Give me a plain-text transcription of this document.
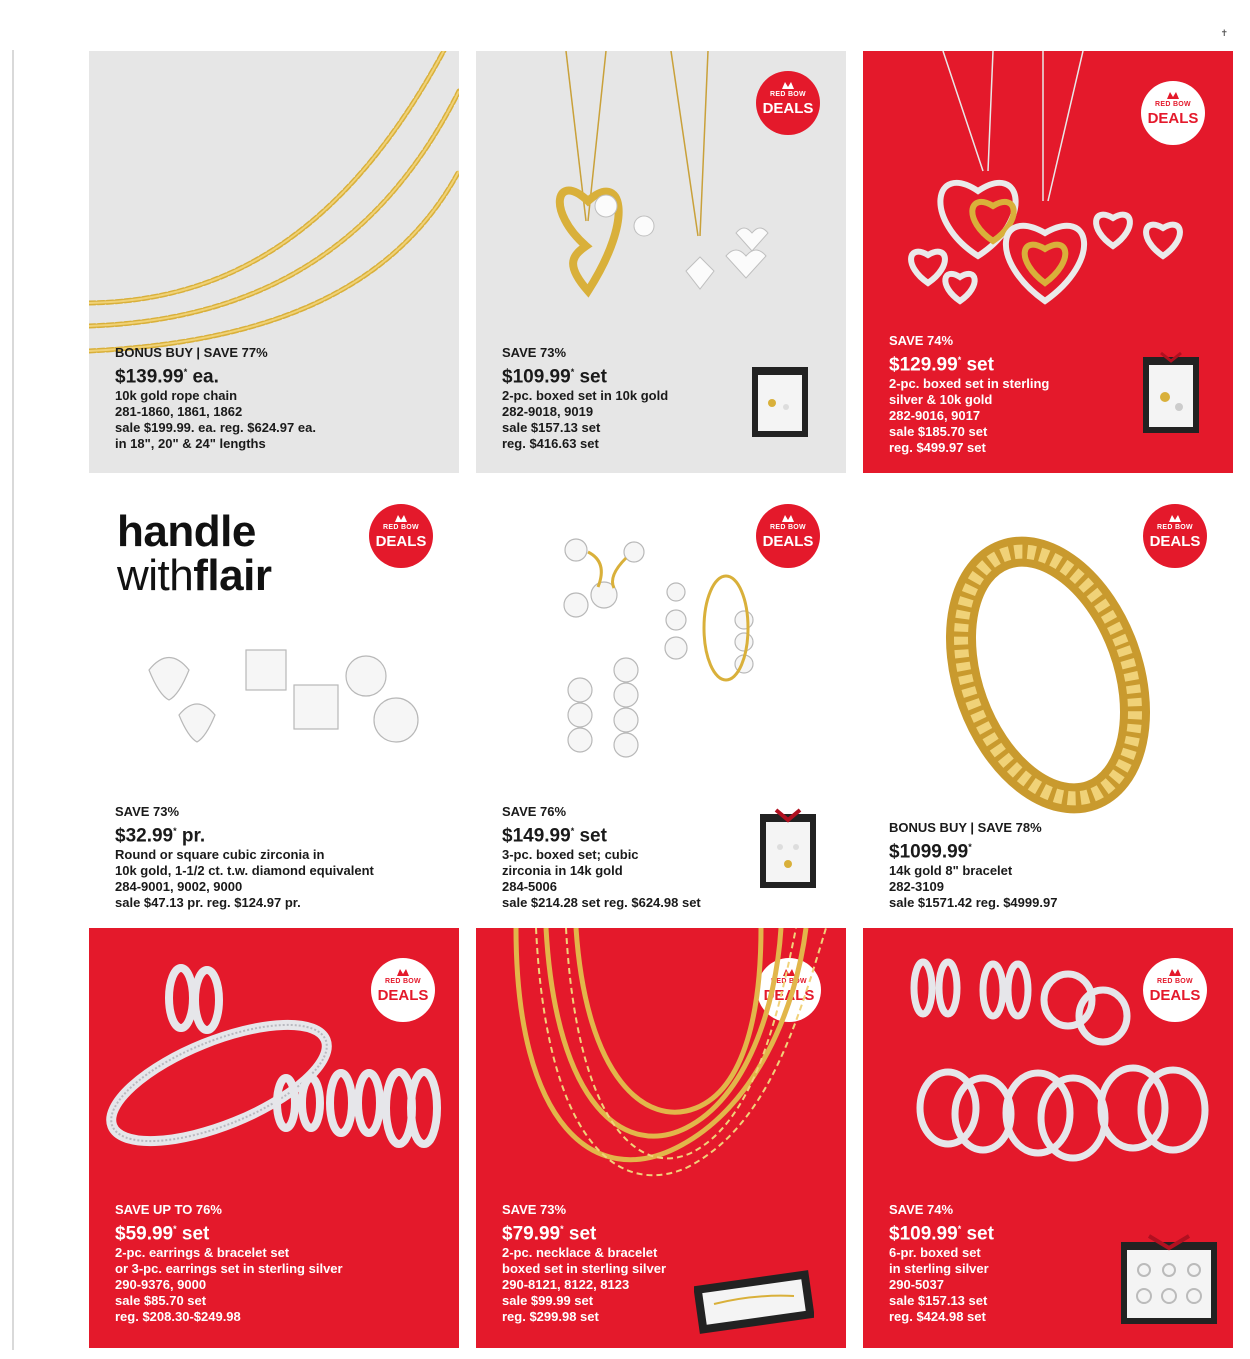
✝
BONUS BUY | SAVE 77%
$139.99* ea.
10k gold rope chain
281-1860, 1861, 1862
sale $199.99. ea. reg. $624.97 ea.
in 18", 20" & 24" lengths
RED BOW
DEALS
SAVE 73%
$109.99* set
2-pc. boxed set in 10k gold
282-9018, 9019
sale $157.13 set
reg. $416.63 set
RED BOW
DEALS
SAVE 74%
$129.99* set
2-pc. boxed set in sterling
silver & 10k gold
282-9016, 9017
sale $185.70 set
reg. $499.97 set
handle
withflair
RED BOW
DEALS
SAVE 73%
$32.99* pr.
Round or square cubic zirconia in
10k gold, 1-1/2 ct. t.w. diamond equivalent
284-9001, 9002, 9000
sale $47.13 pr. reg. $124.97 pr.
RED BOW
DEALS
SAVE 76%
$149.99* set
3-pc. boxed set; cubic
zirconia in 14k gold
284-5006
sale $214.28 set reg. $624.98 set
RED BOW
DEALS
BONUS BUY | SAVE 78%
$1099.99*
14k gold 8" bracelet
282-3109
sale $1571.42 reg. $4999.97
RED BOW
DEALS
SAVE UP TO 76%
$59.99* set
2-pc. earrings & bracelet set
or 3-pc. earrings set in sterling silver
290-9376, 9000
sale $85.70 set
reg. $208.30-$249.98
RED BOW
DEALS
SAVE 73%
$79.99* set
2-pc. necklace & bracelet
boxed set in sterling silver
290-8121, 8122, 8123
sale $99.99 set
reg. $299.98 set
RED BOW
DEALS
SAVE 74%
$109.99* set
6-pr. boxed set
in sterling silver
290-5037
sale $157.13 set
reg. $424.98 set
